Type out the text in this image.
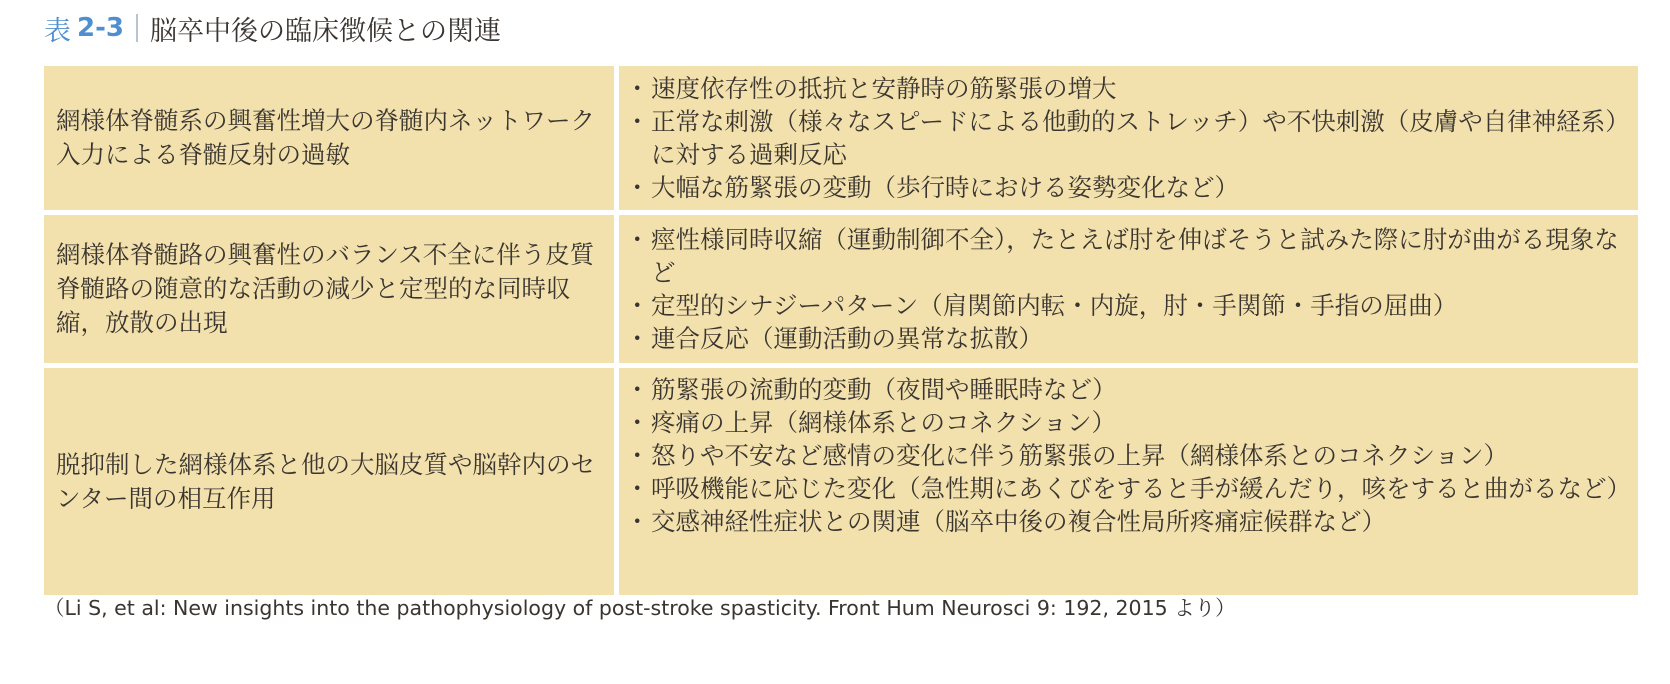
表 2-3 脳卒中後の臨床徴候との関連
網様体脊髄系の興奮性増大の脊髄内ネットワーク入力による脊髄反射の過敏
・ 速度依存性の抵抗と安静時の筋緊張の増大
・ 正常な刺激（様々なスピードによる他動的ストレッチ）や不快刺激（皮膚や自律神経系）に対する過剰反応
・ 大幅な筋緊張の変動（歩行時における姿勢変化など）
網様体脊髄路の興奮性のバランス不全に伴う皮質脊髄路の随意的な活動の減少と定型的な同時収縮，放散の出現
・ 痙性様同時収縮（運動制御不全），たとえば肘を伸ばそうと試みた際に肘が曲がる現象など
・ 定型的シナジーパターン（肩関節内転・内旋，肘・手関節・手指の屈曲）
・ 連合反応（運動活動の異常な拡散）
脱抑制した網様体系と他の大脳皮質や脳幹内のセンター間の相互作用
・ 筋緊張の流動的変動（夜間や睡眠時など）
・ 疼痛の上昇（網様体系とのコネクション）
・ 怒りや不安など感情の変化に伴う筋緊張の上昇（網様体系とのコネクション）
・ 呼吸機能に応じた変化（急性期にあくびをすると手が緩んだり，咳をすると曲がるなど）
・ 交感神経性症状との関連（脳卒中後の複合性局所疼痛症候群など）
（Li S, et al: New insights into the pathophysiology of post-stroke spasticity. Front Hum Neurosci 9: 192, 2015 より）
